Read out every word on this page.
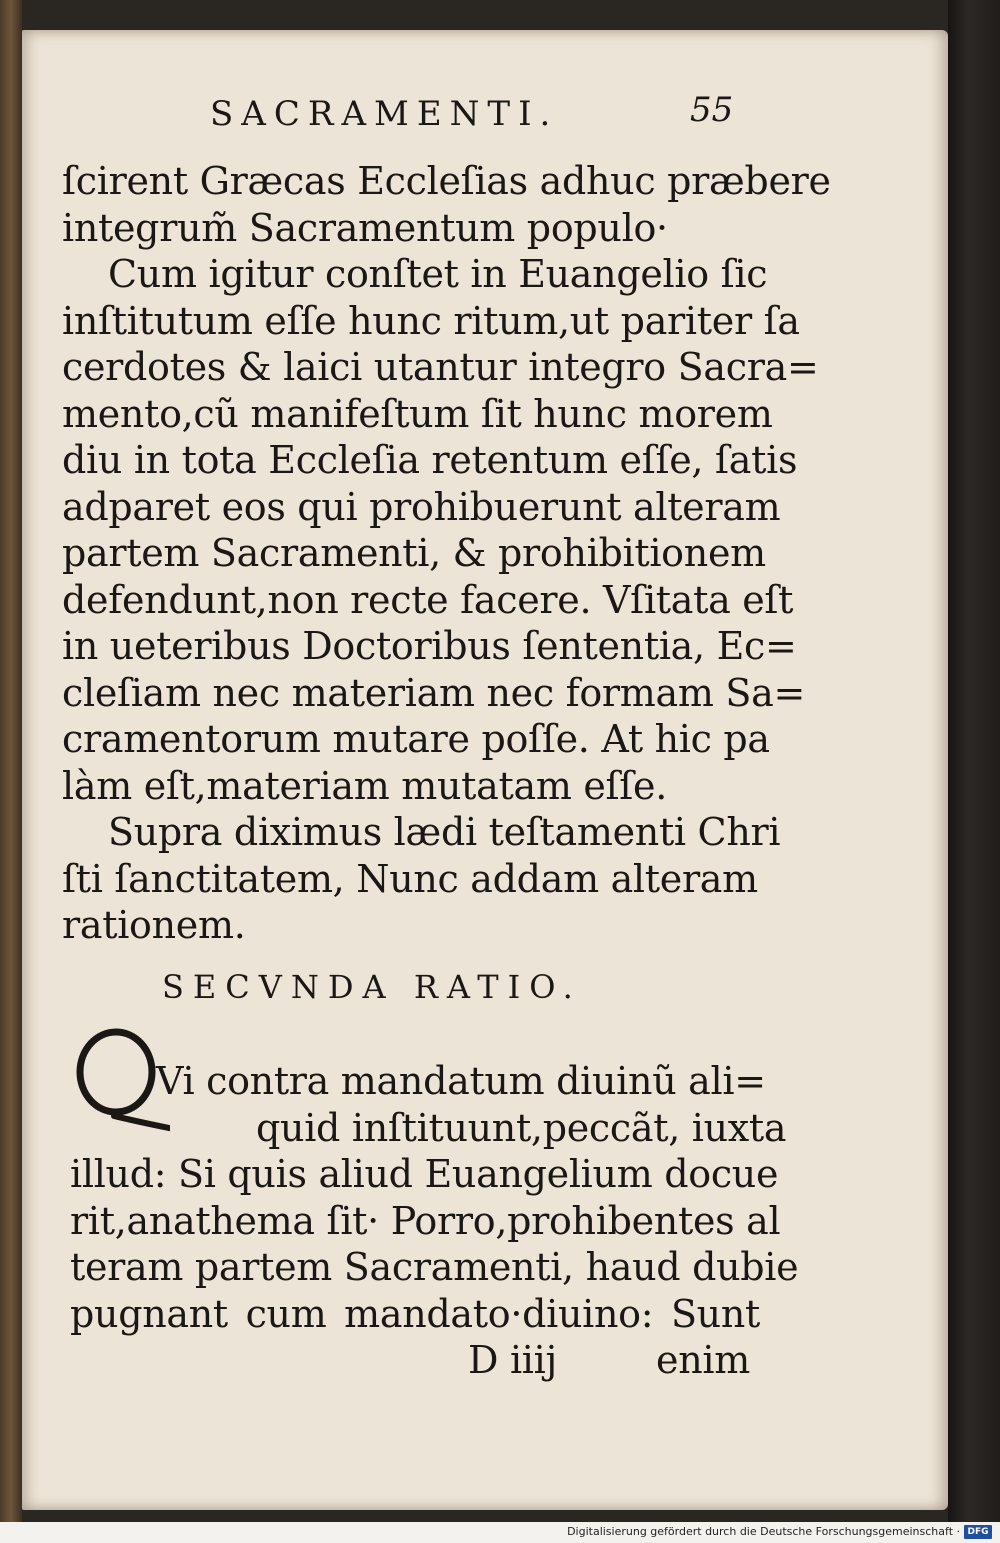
SACRAMENTI.	55
ſcirent Græcas Eccleſias adhuc præbere
integrum̃ Sacramentum populo·
Cum igitur conſtet in Euangelio ſic
inſtitutum eſſe hunc ritum,ut pariter ſa
cerdotes & laici utantur integro Sacra=
mento,cũ manifeſtum ſit hunc morem
diu in tota Eccleſia retentum eſſe, ſatis
adparet eos qui prohibuerunt alteram
partem Sacramenti, & prohibitionem
defendunt,non recte facere. Vſitata eſt
in ueteribus Doctoribus ſententia, Ec=
cleſiam nec materiam nec formam Sa=
cramentorum mutare poſſe. At hic pa
làm eſt,materiam mutatam eſſe.
Supra diximus lædi teſtamenti Chri
ſti ſanctitatem, Nunc addam alteram
rationem.
SECVNDA RATIO.
Q
Vi contra mandatum diuinũ ali=
quid inſtituunt,peccãt, iuxta
illud: Si quis aliud Euangelium docue
rit,anathema ſit· Porro,prohibentes al
teram partem Sacramenti, haud dubie
pugnant cum mandato·diuino: Sunt
D iiij	enim
Digitalisierung gefördert durch die Deutsche Forschungsgemeinschaft · DFG
